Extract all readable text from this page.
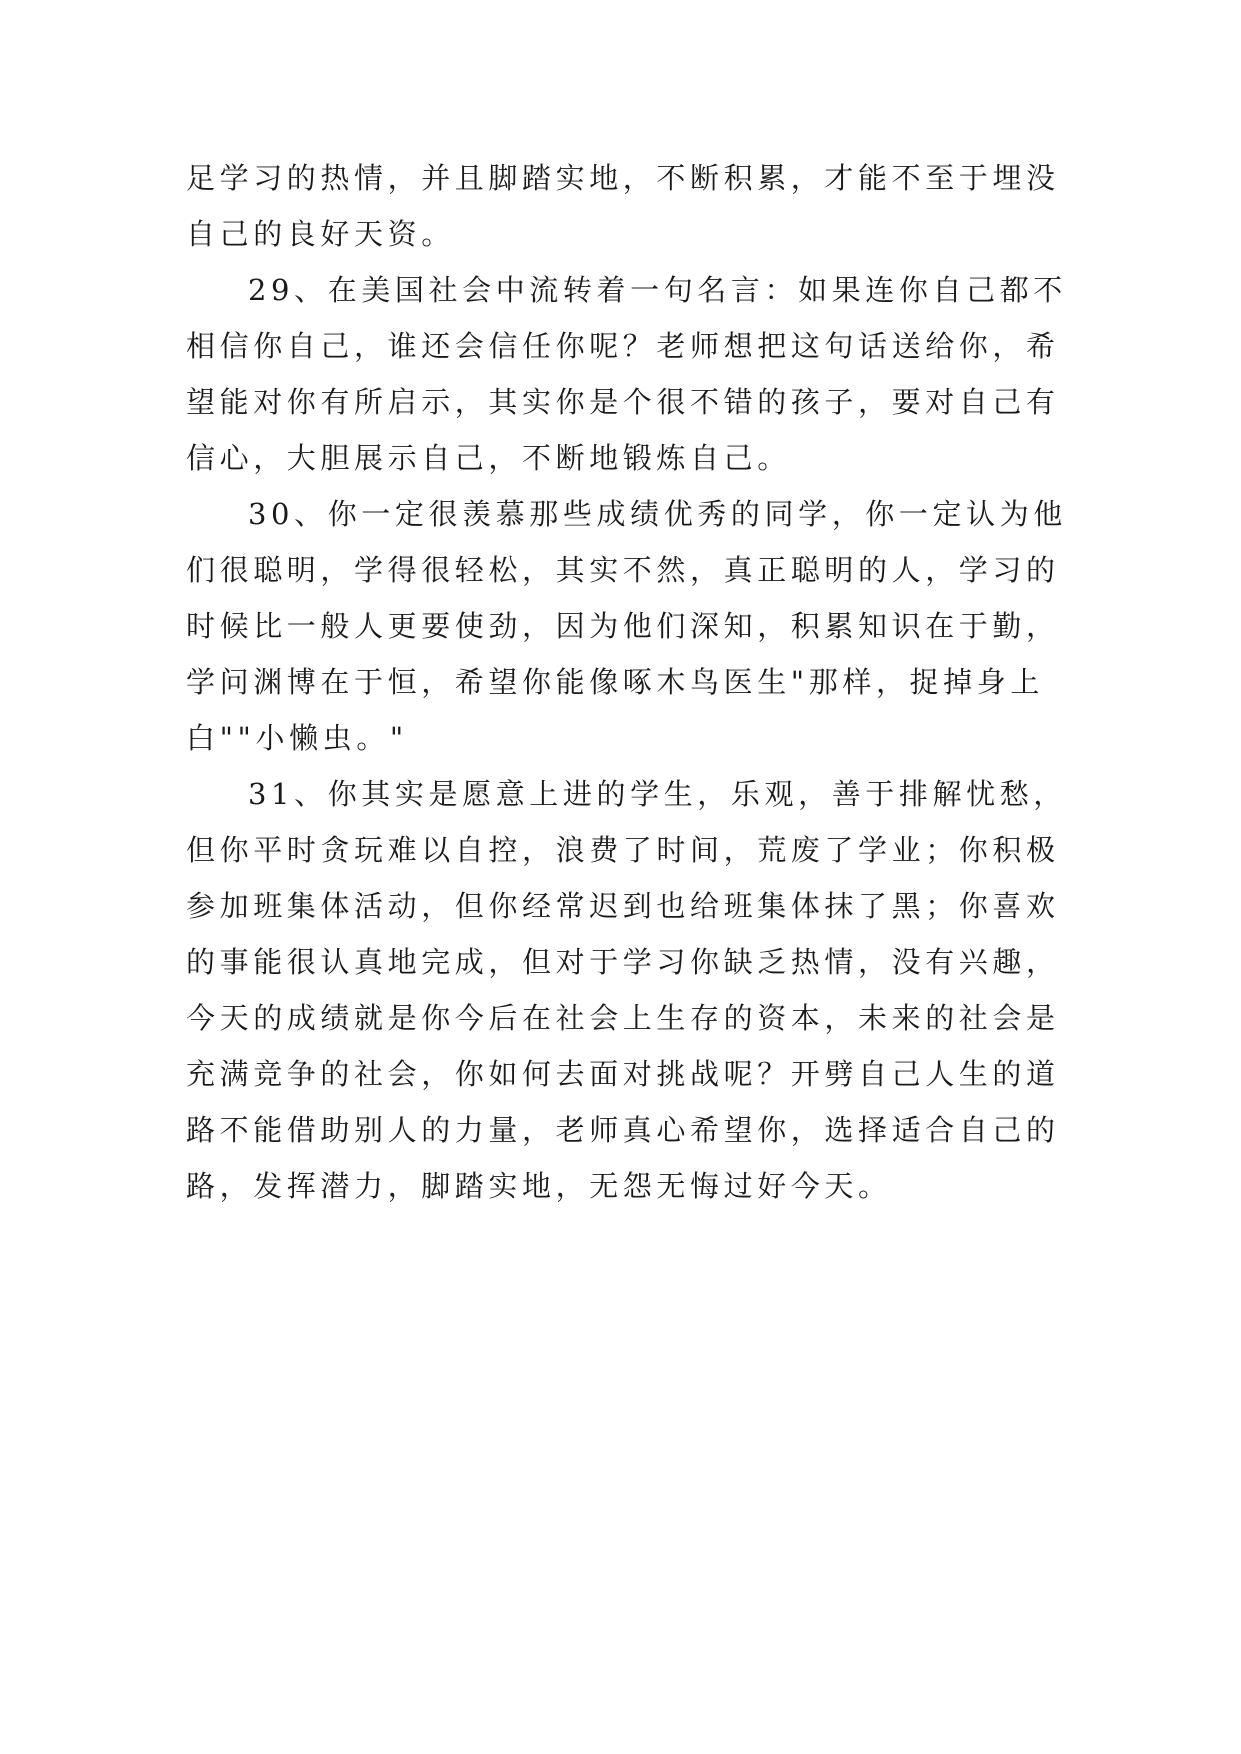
足学习的热情，并且脚踏实地，不断积累，才能不至于埋没
自己的良好天资。
29、在美国社会中流转着一句名言：如果连你自己都不
相信你自己，谁还会信任你呢？老师想把这句话送给你，希
望能对你有所启示，其实你是个很不错的孩子，要对自己有
信心，大胆展示自己，不断地锻炼自己。
30、你一定很羡慕那些成绩优秀的同学，你一定认为他
们很聪明，学得很轻松，其实不然，真正聪明的人，学习的
时候比一般人更要使劲，因为他们深知，积累知识在于勤，
学问渊博在于恒，希望你能像啄木鸟医生"那样，捉掉身上
白""小懒虫。"
31、你其实是愿意上进的学生，乐观，善于排解忧愁，
但你平时贪玩难以自控，浪费了时间，荒废了学业；你积极
参加班集体活动，但你经常迟到也给班集体抹了黑；你喜欢
的事能很认真地完成，但对于学习你缺乏热情，没有兴趣，
今天的成绩就是你今后在社会上生存的资本，未来的社会是
充满竞争的社会，你如何去面对挑战呢？开劈自己人生的道
路不能借助别人的力量，老师真心希望你，选择适合自己的
路，发挥潜力，脚踏实地，无怨无悔过好今天。
